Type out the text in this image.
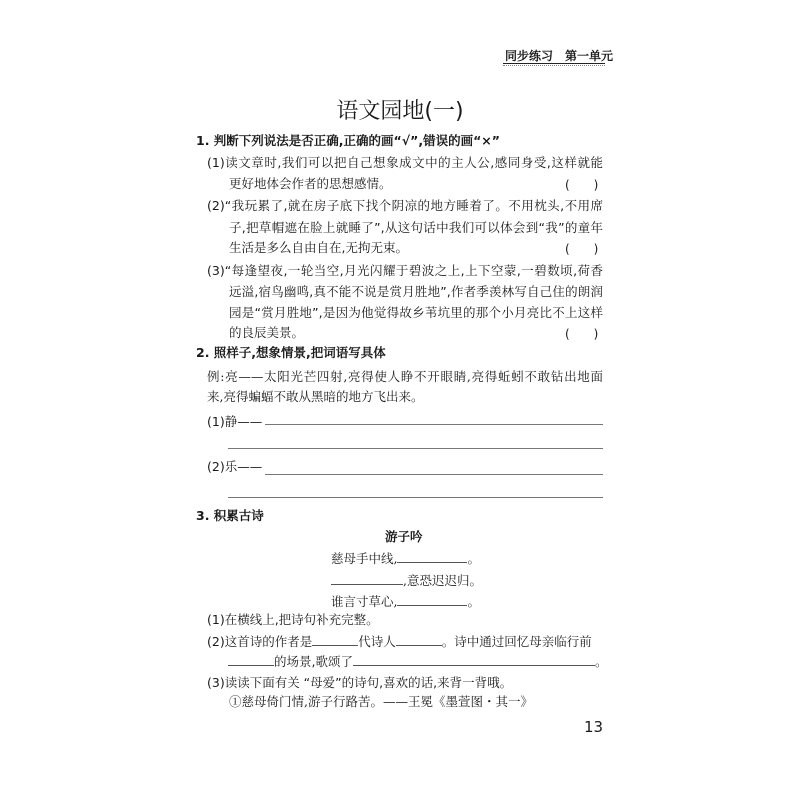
同步练习　第一单元
语文园地(一)
1. 判断下列说法是否正确,正确的画“√”,错误的画“×”
(1)读文章时,我们可以把自己想象成文中的主人公,感同身受,这样就能
更好地体会作者的思想感情。	(　　)
(2)“我玩累了,就在房子底下找个阴凉的地方睡着了。不用枕头,不用席
子,把草帽遮在脸上就睡了”,从这句话中我们可以体会到“我”的童年
生活是多么自由自在,无拘无束。	(　　)
(3)“每逢望夜,一轮当空,月光闪耀于碧波之上,上下空蒙,一碧数顷,荷香
远溢,宿鸟幽鸣,真不能不说是赏月胜地”,作者季羡林写自己住的朗润
园是“赏月胜地”,是因为他觉得故乡苇坑里的那个小月亮比不上这样
的良辰美景。	(　　)
2. 照样子,想象情景,把词语写具体
例:亮——太阳光芒四射,亮得使人睁不开眼睛,亮得蚯蚓不敢钻出地面
来,亮得蝙蝠不敢从黑暗的地方飞出来。
(1)静——
(2)乐——
3. 积累古诗
游子吟
慈母手中线,	。
,意恐迟迟归。
谁言寸草心,	。
(1)在横线上,把诗句补充完整。
(2)这首诗的作者是	代诗人	。诗中通过回忆母亲临行前
的场景,歌颂了	。
(3)读读下面有关 “母爱”的诗句,喜欢的话,来背一背哦。
①慈母倚门情,游子行路苦。——王冕《墨萱图・其一》
13
